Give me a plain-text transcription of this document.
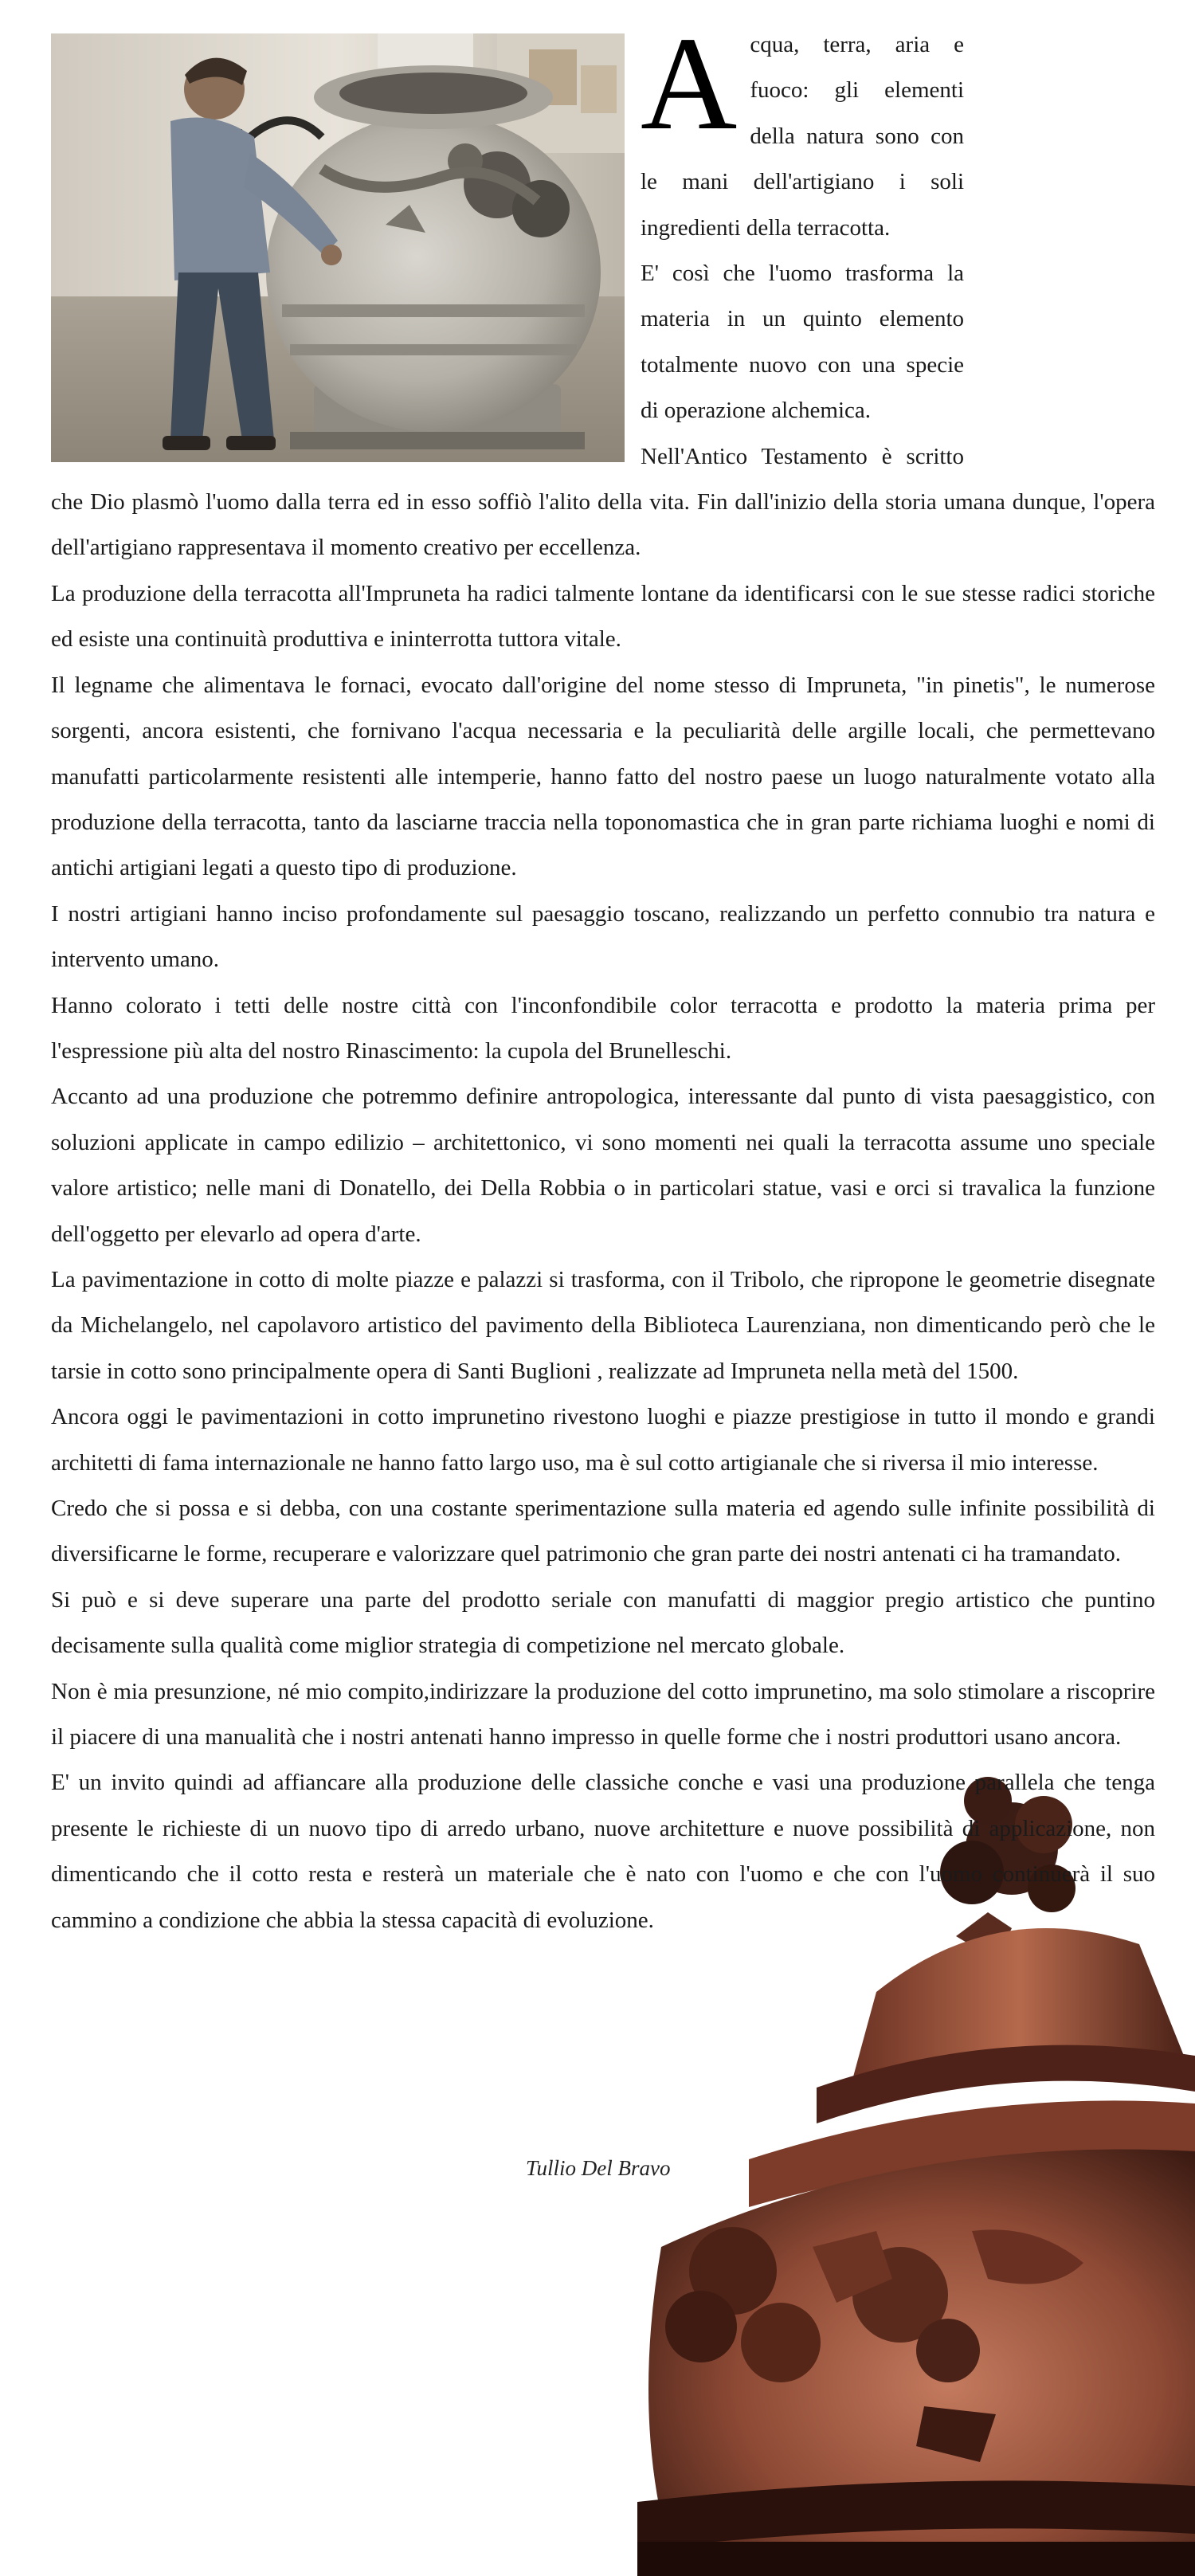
Acqua, terra, aria e fuoco: gli elementi della natura sono con le mani dell'artigiano i soli ingredienti della terracotta.

E' così che l'uomo trasforma la materia in un quinto elemento totalmente nuovo con una specie di operazione alchemica.

Nell'Antico Testamento è scritto che Dio plasmò l'uomo dalla terra ed in esso soffiò l'alito della vita. Fin dall'inizio della storia umana dunque, l'opera dell'artigiano rappresentava il momento creativo per eccellenza.

La produzione della terracotta all'Impruneta ha radici talmente lontane da identificarsi con le sue stesse radici storiche ed esiste una continuità produttiva e ininterrotta tuttora vitale.

Il legname che alimentava le fornaci, evocato dall'origine del nome stesso di Impruneta, "in pinetis", le numerose sorgenti, ancora esistenti, che fornivano l'acqua necessaria e la peculiarità delle argille locali, che permettevano manufatti particolarmente resistenti alle intemperie, hanno fatto del nostro paese un luogo naturalmente votato alla produzione della terracotta, tanto da lasciarne traccia nella toponomastica che in gran parte richiama luoghi e nomi di antichi artigiani legati a questo tipo di produzione.

I nostri artigiani hanno inciso profondamente sul paesaggio toscano, realizzando un perfetto connubio tra natura e intervento umano.

Hanno colorato i tetti delle nostre città con l'inconfondibile color terracotta e prodotto la materia prima per l'espressione più alta del nostro Rinascimento: la cupola del Brunelleschi.

Accanto ad una produzione che potremmo definire antropologica, interessante dal punto di vista paesaggistico, con soluzioni applicate in campo edilizio – architettonico, vi sono momenti nei quali la terracotta assume uno speciale valore artistico; nelle mani di Donatello, dei Della Robbia o in particolari statue, vasi e orci si travalica la funzione dell'oggetto per elevarlo ad opera d'arte.

La pavimentazione in cotto di molte piazze e palazzi si trasforma, con il Tribolo, che ripropone le geometrie disegnate da Michelangelo, nel capolavoro artistico del pavimento della Biblioteca Laurenziana, non dimenticando però che le tarsie in cotto sono principalmente opera di Santi Buglioni , realizzate ad Impruneta nella metà del 1500.

Ancora oggi le pavimentazioni in cotto imprunetino rivestono luoghi e piazze prestigiose in tutto il mondo e grandi architetti di fama internazionale ne hanno fatto largo uso, ma è sul cotto artigianale che si riversa il mio interesse.

Credo che si possa e si debba, con una costante sperimentazione sulla materia ed agendo sulle infinite possibilità di diversificarne le forme, recuperare e valorizzare quel patrimonio che gran parte dei nostri antenati ci ha tramandato.

Si può e si deve superare una parte del prodotto seriale con manufatti di maggior pregio artistico che puntino decisamente sulla qualità come miglior strategia di competizione nel mercato globale.

Non è mia presunzione, né mio compito,indirizzare la produzione del cotto imprunetino, ma solo stimolare a riscoprire il piacere di una manualità che i nostri antenati hanno impresso in quelle forme che i nostri produttori usano ancora.

E' un invito quindi ad affiancare alla produzione delle classiche conche e vasi una produzione parallela che tenga presente le richieste di un nuovo tipo di arredo urbano, nuove architetture e nuove possibilità di applicazione, non dimenticando che il cotto resta e resterà un materiale che è nato con l'uomo e che con l'uomo continuerà il suo cammino a condizione che abbia la stessa capacità di evoluzione.

Tullio Del Bravo
